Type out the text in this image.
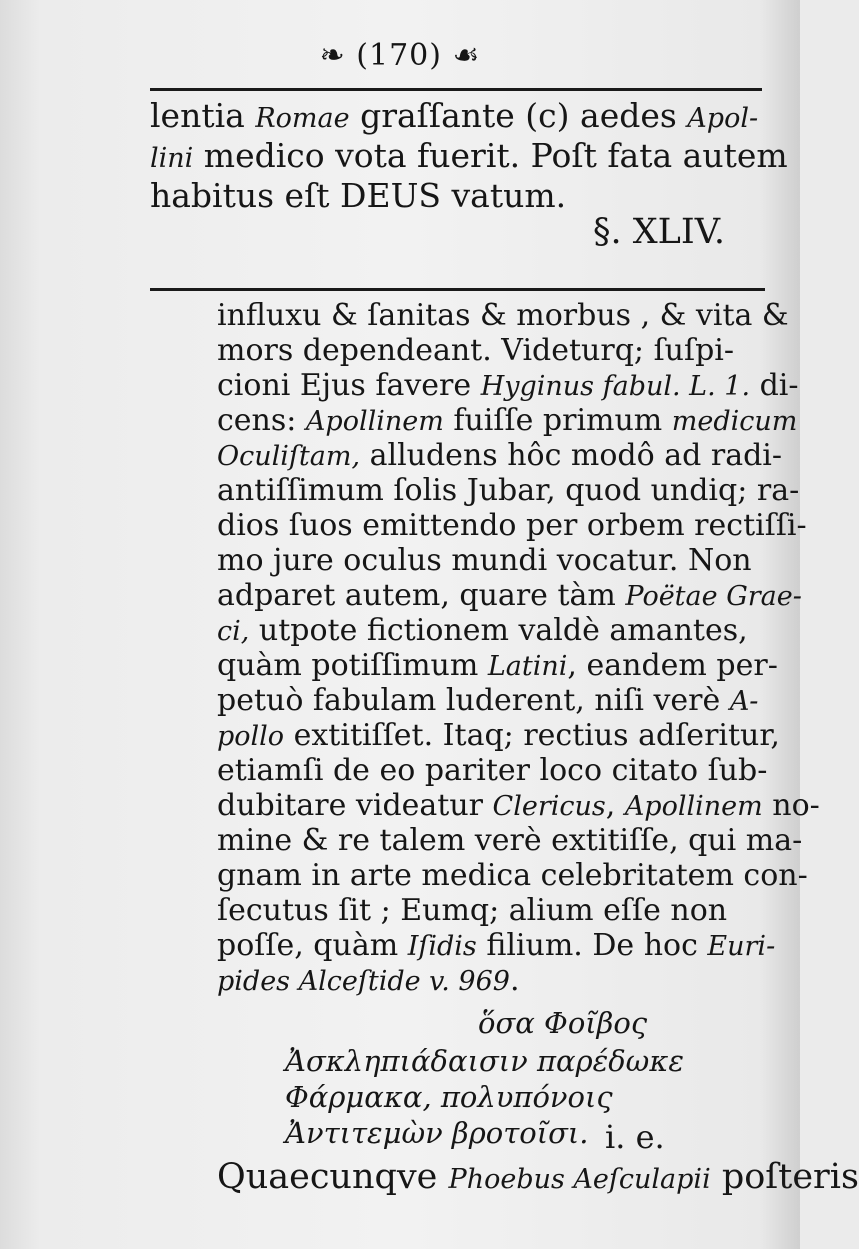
❧ (170) ☙
lentia Romae graſſante (c) aedes Apol-
lini medico vota fuerit. Poſt fata autem
habitus eſt DEUS vatum.
§. XLIV.
influxu & ſanitas & morbus , & vita &
mors dependeant. Videturq; ſuſpi-
cioni Ejus favere Hyginus fabul. L. 1. di-
cens: Apollinem fuiſſe primum medicum
Oculiſtam, alludens hôc modô ad radi-
antiſſimum ſolis Jubar, quod undiq; ra-
dios ſuos emittendo per orbem rectiſſi-
mo jure oculus mundi vocatur. Non
adparet autem, quare tàm Poëtae Grae-
ci, utpote fictionem valdè amantes,
quàm potiſſimum Latini, eandem per-
petuò fabulam luderent, niſi verè A-
pollo extitiſſet. Itaq; rectius adſeritur,
etiamſi de eo pariter loco citato ſub-
dubitare videatur Clericus, Apollinem no-
mine & re talem verè extitiſſe, qui ma-
gnam in arte medica celebritatem con-
ſecutus ſit ; Eumq; alium eſſe non
poſſe, quàm Iſidis filium. De hoc Euri-
pides Alceſtide v. 969.
ὅσα Φοῖβος
Ἀσκληπιάδαισιν παρέδωκε
Φάρμακα, πολυπόνοις
Ἀντιτεμὼν βροτοῖσι. i. e.
Quaecunqve Phoebus Aeſculapii poſteris
